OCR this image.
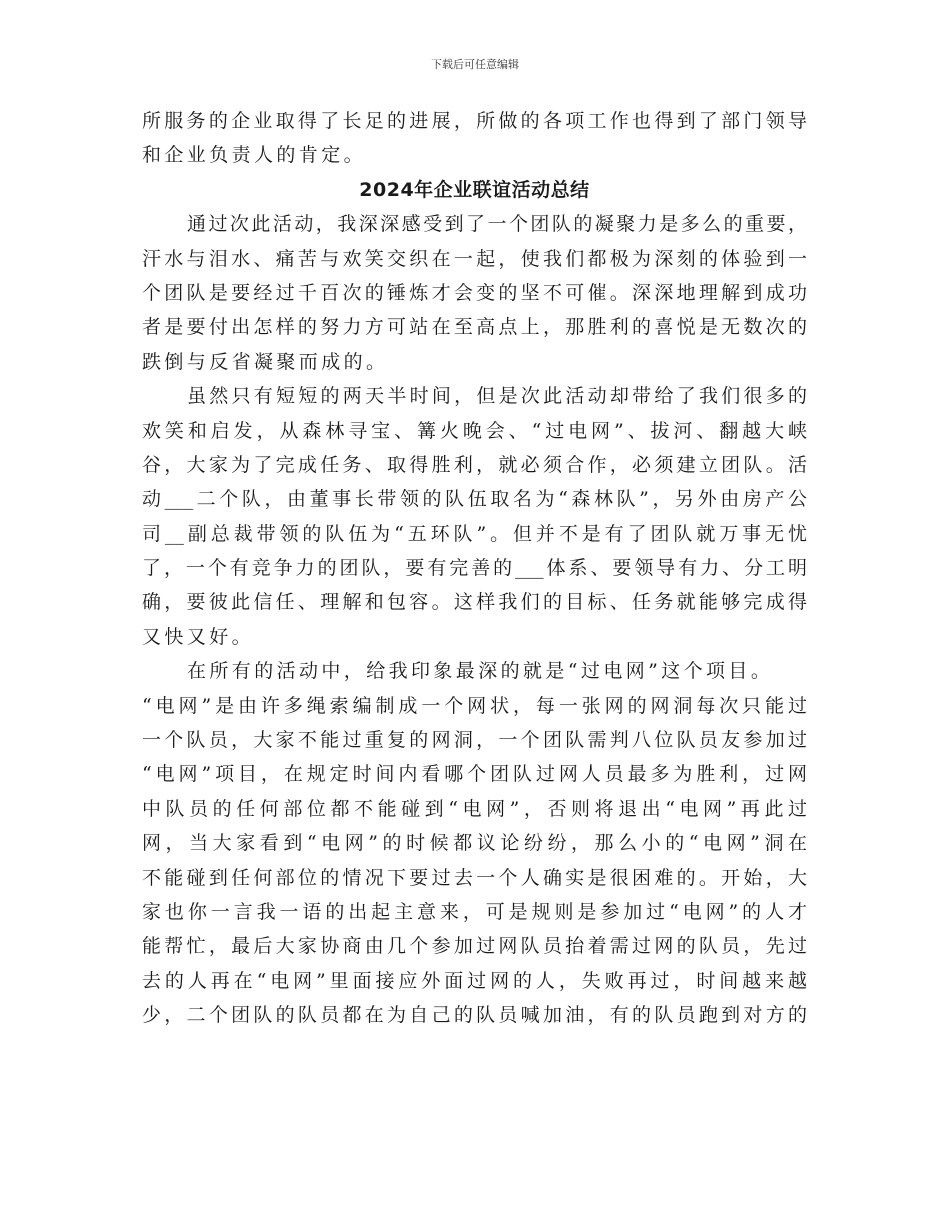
下载后可任意编辑
所服务的企业取得了长足的进展，所做的各项工作也得到了部门领导
和企业负责人的肯定。
2024年企业联谊活动总结
通过次此活动，我深深感受到了一个团队的凝聚力是多么的重要，
汗水与泪水、痛苦与欢笑交织在一起，使我们都极为深刻的体验到一
个团队是要经过千百次的锤炼才会变的坚不可催。深深地理解到成功
者是要付出怎样的努力方可站在至高点上，那胜利的喜悦是无数次的
跌倒与反省凝聚而成的。
虽然只有短短的两天半时间，但是次此活动却带给了我们很多的
欢笑和启发，从森林寻宝、篝火晚会、“过电网”、拔河、翻越大峡
谷，大家为了完成任务、取得胜利，就必须合作，必须建立团队。活
动___二个队，由董事长带领的队伍取名为“森林队”，另外由房产公
司__副总裁带领的队伍为“五环队”。但并不是有了团队就万事无忧
了，一个有竞争力的团队，要有完善的___体系、要领导有力、分工明
确，要彼此信任、理解和包容。这样我们的目标、任务就能够完成得
又快又好。
在所有的活动中，给我印象最深的就是“过电网”这个项目。
“电网”是由许多绳索编制成一个网状，每一张网的网洞每次只能过
一个队员，大家不能过重复的网洞，一个团队需判八位队员友参加过
“电网”项目，在规定时间内看哪个团队过网人员最多为胜利，过网
中队员的任何部位都不能碰到“电网”，否则将退出“电网”再此过
网，当大家看到“电网”的时候都议论纷纷，那么小的“电网”洞在
不能碰到任何部位的情况下要过去一个人确实是很困难的。开始，大
家也你一言我一语的出起主意来，可是规则是参加过“电网”的人才
能帮忙，最后大家协商由几个参加过网队员抬着需过网的队员，先过
去的人再在“电网”里面接应外面过网的人，失败再过，时间越来越
少，二个团队的队员都在为自己的队员喊加油，有的队员跑到对方的
